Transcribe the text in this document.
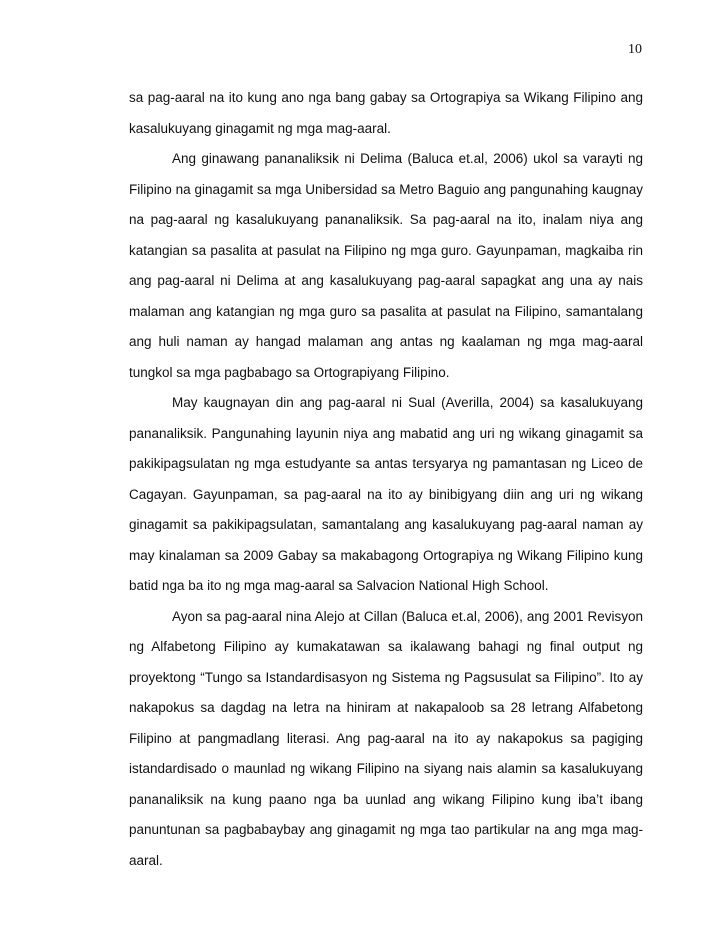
10

sa pag-aaral na ito kung ano nga bang gabay sa Ortograpiya sa Wikang Filipino ang kasalukuyang ginagamit ng mga mag-aaral.

Ang ginawang pananaliksik ni Delima (Baluca et.al, 2006) ukol sa varayti ng Filipino na ginagamit sa mga Unibersidad sa Metro Baguio ang pangunahing kaugnay na pag-aaral ng kasalukuyang pananaliksik. Sa pag-aaral na ito, inalam niya ang katangian sa pasalita at pasulat na Filipino ng mga guro. Gayunpaman, magkaiba rin ang pag-aaral ni Delima at ang kasalukuyang pag-aaral sapagkat ang una ay nais malaman ang katangian ng mga guro sa pasalita at pasulat na Filipino, samantalang ang huli naman ay hangad malaman ang antas ng kaalaman ng mga mag-aaral tungkol sa mga pagbabago sa Ortograpiyang Filipino.

May kaugnayan din ang pag-aaral ni Sual (Averilla, 2004) sa kasalukuyang pananaliksik. Pangunahing layunin niya ang mabatid ang uri ng wikang ginagamit sa pakikipagsulatan ng mga estudyante sa antas tersyarya ng pamantasan ng Liceo de Cagayan. Gayunpaman, sa pag-aaral na ito ay binibigyang diin ang uri ng wikang ginagamit sa pakikipagsulatan, samantalang ang kasalukuyang pag-aaral naman ay may kinalaman sa 2009 Gabay sa makabagong Ortograpiya ng Wikang Filipino kung batid nga ba ito ng mga mag-aaral sa Salvacion National High School.

Ayon sa pag-aaral nina Alejo at Cillan (Baluca et.al, 2006), ang 2001 Revisyon ng Alfabetong Filipino ay kumakatawan sa ikalawang bahagi ng final output ng proyektong “Tungo sa Istandardisasyon ng Sistema ng Pagsusulat sa Filipino”. Ito ay nakapokus sa dagdag na letra na hiniram at nakapaloob sa 28 letrang Alfabetong Filipino at pangmadlang literasi. Ang pag-aaral na ito ay nakapokus sa pagiging istandardisado o maunlad ng wikang Filipino na siyang nais alamin sa kasalukuyang pananaliksik na kung paano nga ba uunlad ang wikang Filipino kung iba’t ibang panuntunan sa pagbabaybay ang ginagamit ng mga tao partikular na ang mga mag-aaral.
